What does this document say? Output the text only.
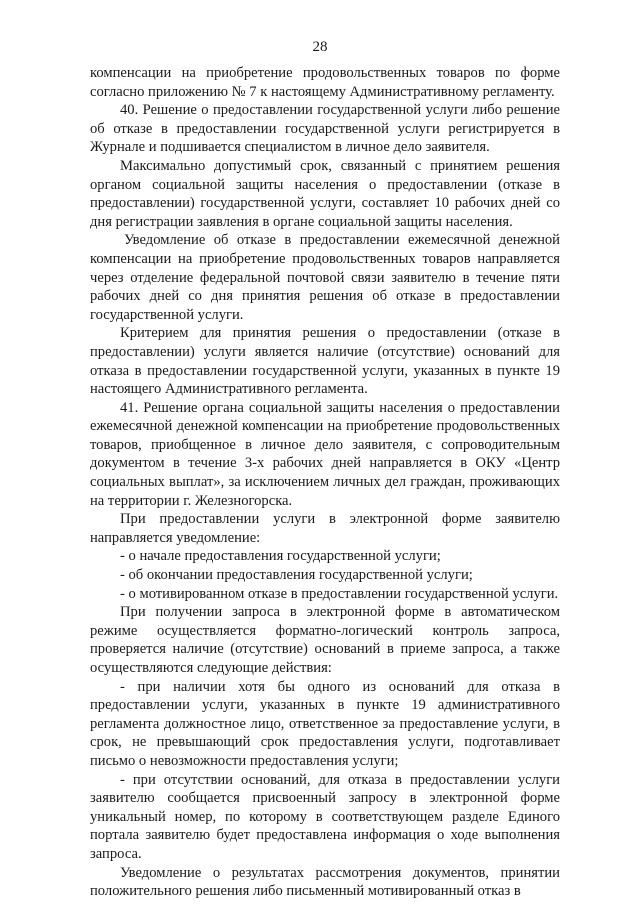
28

компенсации на приобретение продовольственных товаров по форме согласно приложению № 7 к настоящему Административному регламенту.

40. Решение о предоставлении государственной услуги либо решение об отказе в предоставлении государственной услуги регистрируется в Журнале и подшивается специалистом в личное дело заявителя.

Максимально допустимый срок, связанный с принятием решения органом социальной защиты населения о предоставлении (отказе в предоставлении) государственной услуги, составляет 10 рабочих дней со дня регистрации заявления в органе социальной защиты населения.

Уведомление об отказе в предоставлении ежемесячной денежной компенсации на приобретение продовольственных товаров направляется через отделение федеральной почтовой связи заявителю в течение пяти рабочих дней со дня принятия решения об отказе в предоставлении государственной услуги.

Критерием для принятия решения о предоставлении (отказе в предоставлении) услуги является наличие (отсутствие) оснований для отказа в предоставлении государственной услуги, указанных в пункте 19 настоящего Административного регламента.

41. Решение органа социальной защиты населения о предоставлении ежемесячной денежной компенсации на приобретение продовольственных товаров, приобщенное в личное дело заявителя, с сопроводительным документом в течение 3-х рабочих дней направляется в ОКУ «Центр социальных выплат», за исключением личных дел граждан, проживающих на территории г. Железногорска.

При предоставлении услуги в электронной форме заявителю направляется уведомление:

- о начале предоставления государственной услуги;

- об окончании предоставления государственной услуги;

- о мотивированном отказе в предоставлении государственной услуги.

При получении запроса в электронной форме в автоматическом режиме осуществляется форматно-логический контроль запроса, проверяется наличие (отсутствие) оснований в приеме запроса, а также осуществляются следующие действия:

- при наличии хотя бы одного из оснований для отказа в предоставлении услуги, указанных в пункте 19 административного регламента должностное лицо, ответственное за предоставление услуги, в срок, не превышающий срок предоставления услуги, подготавливает письмо о невозможности предоставления услуги;

- при отсутствии оснований, для отказа в предоставлении услуги заявителю сообщается присвоенный запросу в электронной форме уникальный номер, по которому в соответствующем разделе Единого портала заявителю будет предоставлена информация о ходе выполнения запроса.

Уведомление о результатах рассмотрения документов, принятии положительного решения либо письменный мотивированный отказ в
